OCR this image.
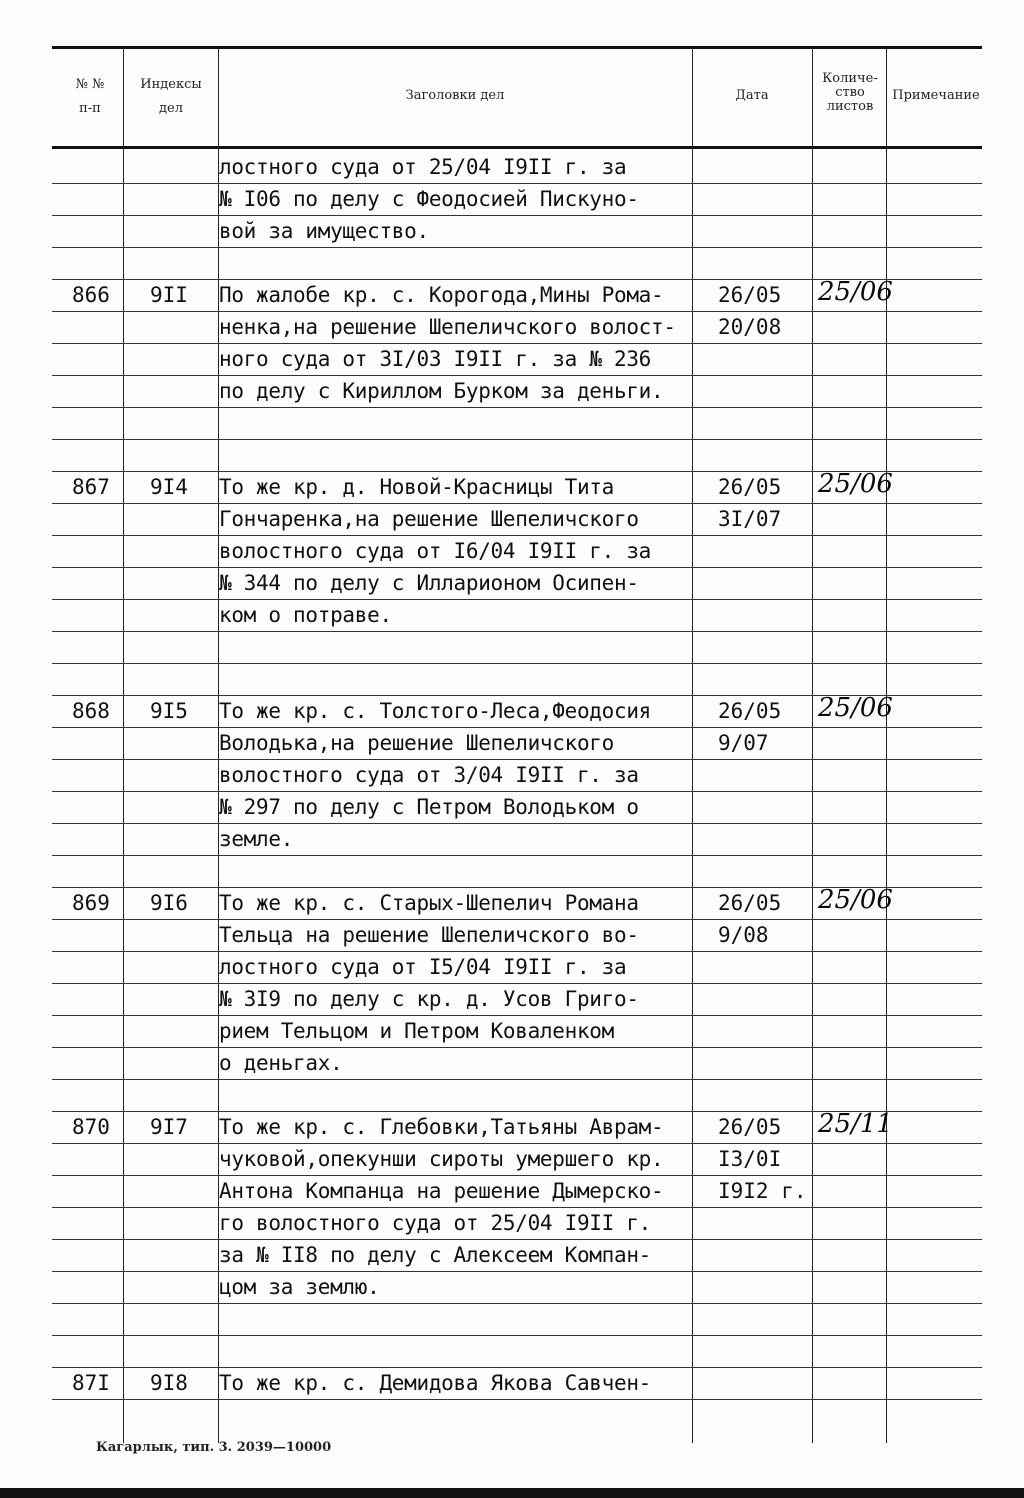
№ №
п-п
Индексы
дел
Заголовки дел	Дата
Количе-
ство
листов
Примечание
лостного суда от 25/04 I9II г. за
№ I06 по делу с Феодосией Пискуно-
вой за имущество.
866 9II По жалобе кр. с. Корогода,Мины Рома-
ненка,на решение Шепеличского волост-
ного суда от 3I/03 I9II г. за № 236
по делу с Кириллом Бурком за деньги.
26/05
20/08
25/06
867 9I4 То же кр. д. Новой-Красницы Тита
Гончаренка,на решение Шепеличского
волостного суда от I6/04 I9II г. за
№ 344 по делу с Илларионом Осипен-
ком о потраве.
26/05
3I/07
25/06
868 9I5 То же кр. с. Толстого-Леса,Феодосия
Володька,на решение Шепеличского
волостного суда от 3/04 I9II г. за
№ 297 по делу с Петром Володьком о
земле.
26/05
9/07
25/06
869 9I6 То же кр. с. Старых-Шепелич Романа
Тельца на решение Шепеличского во-
лостного суда от I5/04 I9II г. за
№ 3I9 по делу с кр. д. Усов Григо-
рием Тельцом и Петром Коваленком
о деньгах.
26/05
9/08
25/06
870 9I7 То же кр. с. Глебовки,Татьяны Аврам-
чуковой,опекунши сироты умершего кр.
Антона Компанца на решение Дымерско-
го волостного суда от 25/04 I9II г.
за № II8 по делу с Алексеем Компан-
цом за землю.
26/05
I3/0I
I9I2 г.
25/11
87I 9I8 То же кр. с. Демидова Якова Савчен-
Кагарлык, тип. 3. 2039—10000
